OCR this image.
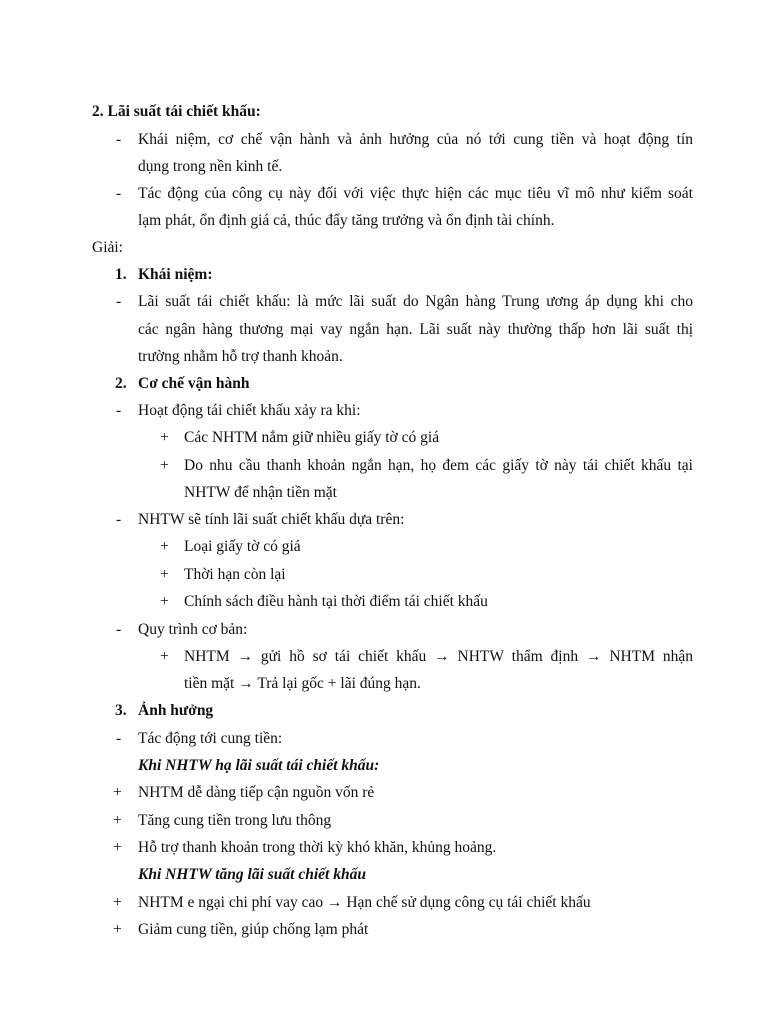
2. Lãi suất tái chiết khấu:
- Khái niệm, cơ chế vận hành và ảnh hưởng của nó tới cung tiền và hoạt động tín
dụng trong nền kinh tế.
- Tác động của công cụ này đối với việc thực hiện các mục tiêu vĩ mô như kiểm soát
lạm phát, ổn định giá cả, thúc đẩy tăng trưởng và ổn định tài chính.
Giải:
1. Khái niệm:
- Lãi suất tái chiết khấu: là mức lãi suất do Ngân hàng Trung ương áp dụng khi cho
các ngân hàng thương mại vay ngắn hạn. Lãi suất này thường thấp hơn lãi suất thị
trường nhằm hỗ trợ thanh khoản.
2. Cơ chế vận hành
- Hoạt động tái chiết khấu xảy ra khi:
+ Các NHTM nắm giữ nhiều giấy tờ có giá
+ Do nhu cầu thanh khoản ngắn hạn, họ đem các giấy tờ này tái chiết khấu tại
NHTW để nhận tiền mặt
- NHTW sẽ tính lãi suất chiết khấu dựa trên:
+ Loại giấy tờ có giá
+ Thời hạn còn lại
+ Chính sách điều hành tại thời điểm tái chiết khấu
- Quy trình cơ bản:
+ NHTM → gửi hồ sơ tái chiết khấu → NHTW thẩm định → NHTM nhận
tiền mặt → Trả lại gốc + lãi đúng hạn.
3. Ảnh hưởng
- Tác động tới cung tiền:
Khi NHTW hạ lãi suất tái chiết khấu:
+ NHTM dễ dàng tiếp cận nguồn vốn rẻ
+ Tăng cung tiền trong lưu thông
+ Hỗ trợ thanh khoản trong thời kỳ khó khăn, khủng hoảng.
Khi NHTW tăng lãi suất chiết khấu
+ NHTM e ngại chi phí vay cao → Hạn chế sử dụng công cụ tái chiết khấu
+ Giảm cung tiền, giúp chống lạm phát
